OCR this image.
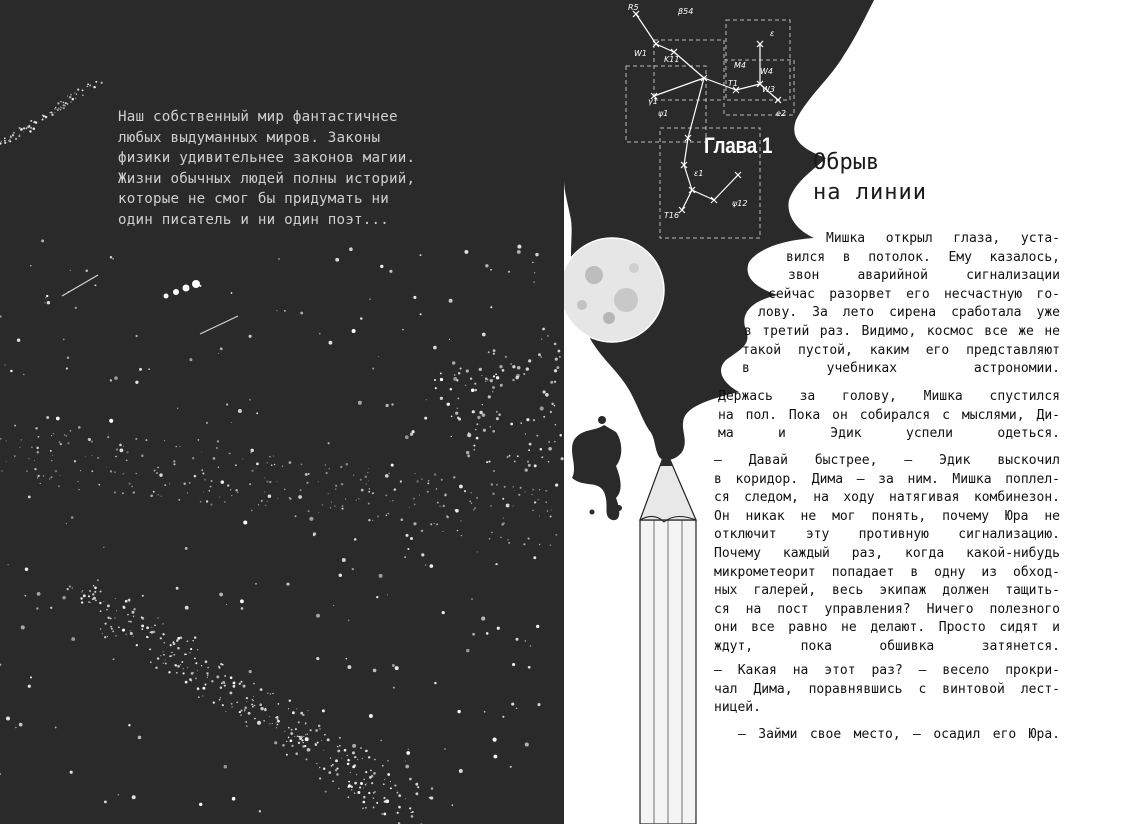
Наш собственный мир фантастичнее
любых выдуманных миров. Законы
физики удивительнее законов магии.
Жизни обычных людей полны историй,
которые не смог бы придумать ни
один писатель и ни один поэт...
R5	β54
ε
K11
M4
γ1
W1
W4
W3
ψ1	e2
T1
ψ12
T16
ε1
Глава 1
Обрыв
на линии
Мишка открыл глаза, уста-
вился в потолок. Ему казалось,
звон аварийной сигнализации
сейчас разорвет его несчастную го-
лову. За лето сирена сработала уже
в третий раз. Видимо, космос все же не
такой пустой, каким его представляют
в учебниках астрономии.
Держась за голову, Мишка спустился
на пол. Пока он собирался с мыслями, Ди-
ма и Эдик успели одеться.
— Давай быстрее, — Эдик выскочил
в коридор. Дима — за ним. Мишка поплел-
ся следом, на ходу натягивая комбинезон.
Он никак не мог понять, почему Юра не
отключит эту противную сигнализацию.
Почему каждый раз, когда какой-нибудь
микрометеорит попадает в одну из обход-
ных галерей, весь экипаж должен тащить-
ся на пост управления? Ничего полезного
они все равно не делают. Просто сидят и
ждут, пока обшивка затянется.
— Какая на этот раз? — весело прокри-
чал Дима, поравнявшись с винтовой лест-
ницей.
— Займи свое место, — осадил его Юра.
